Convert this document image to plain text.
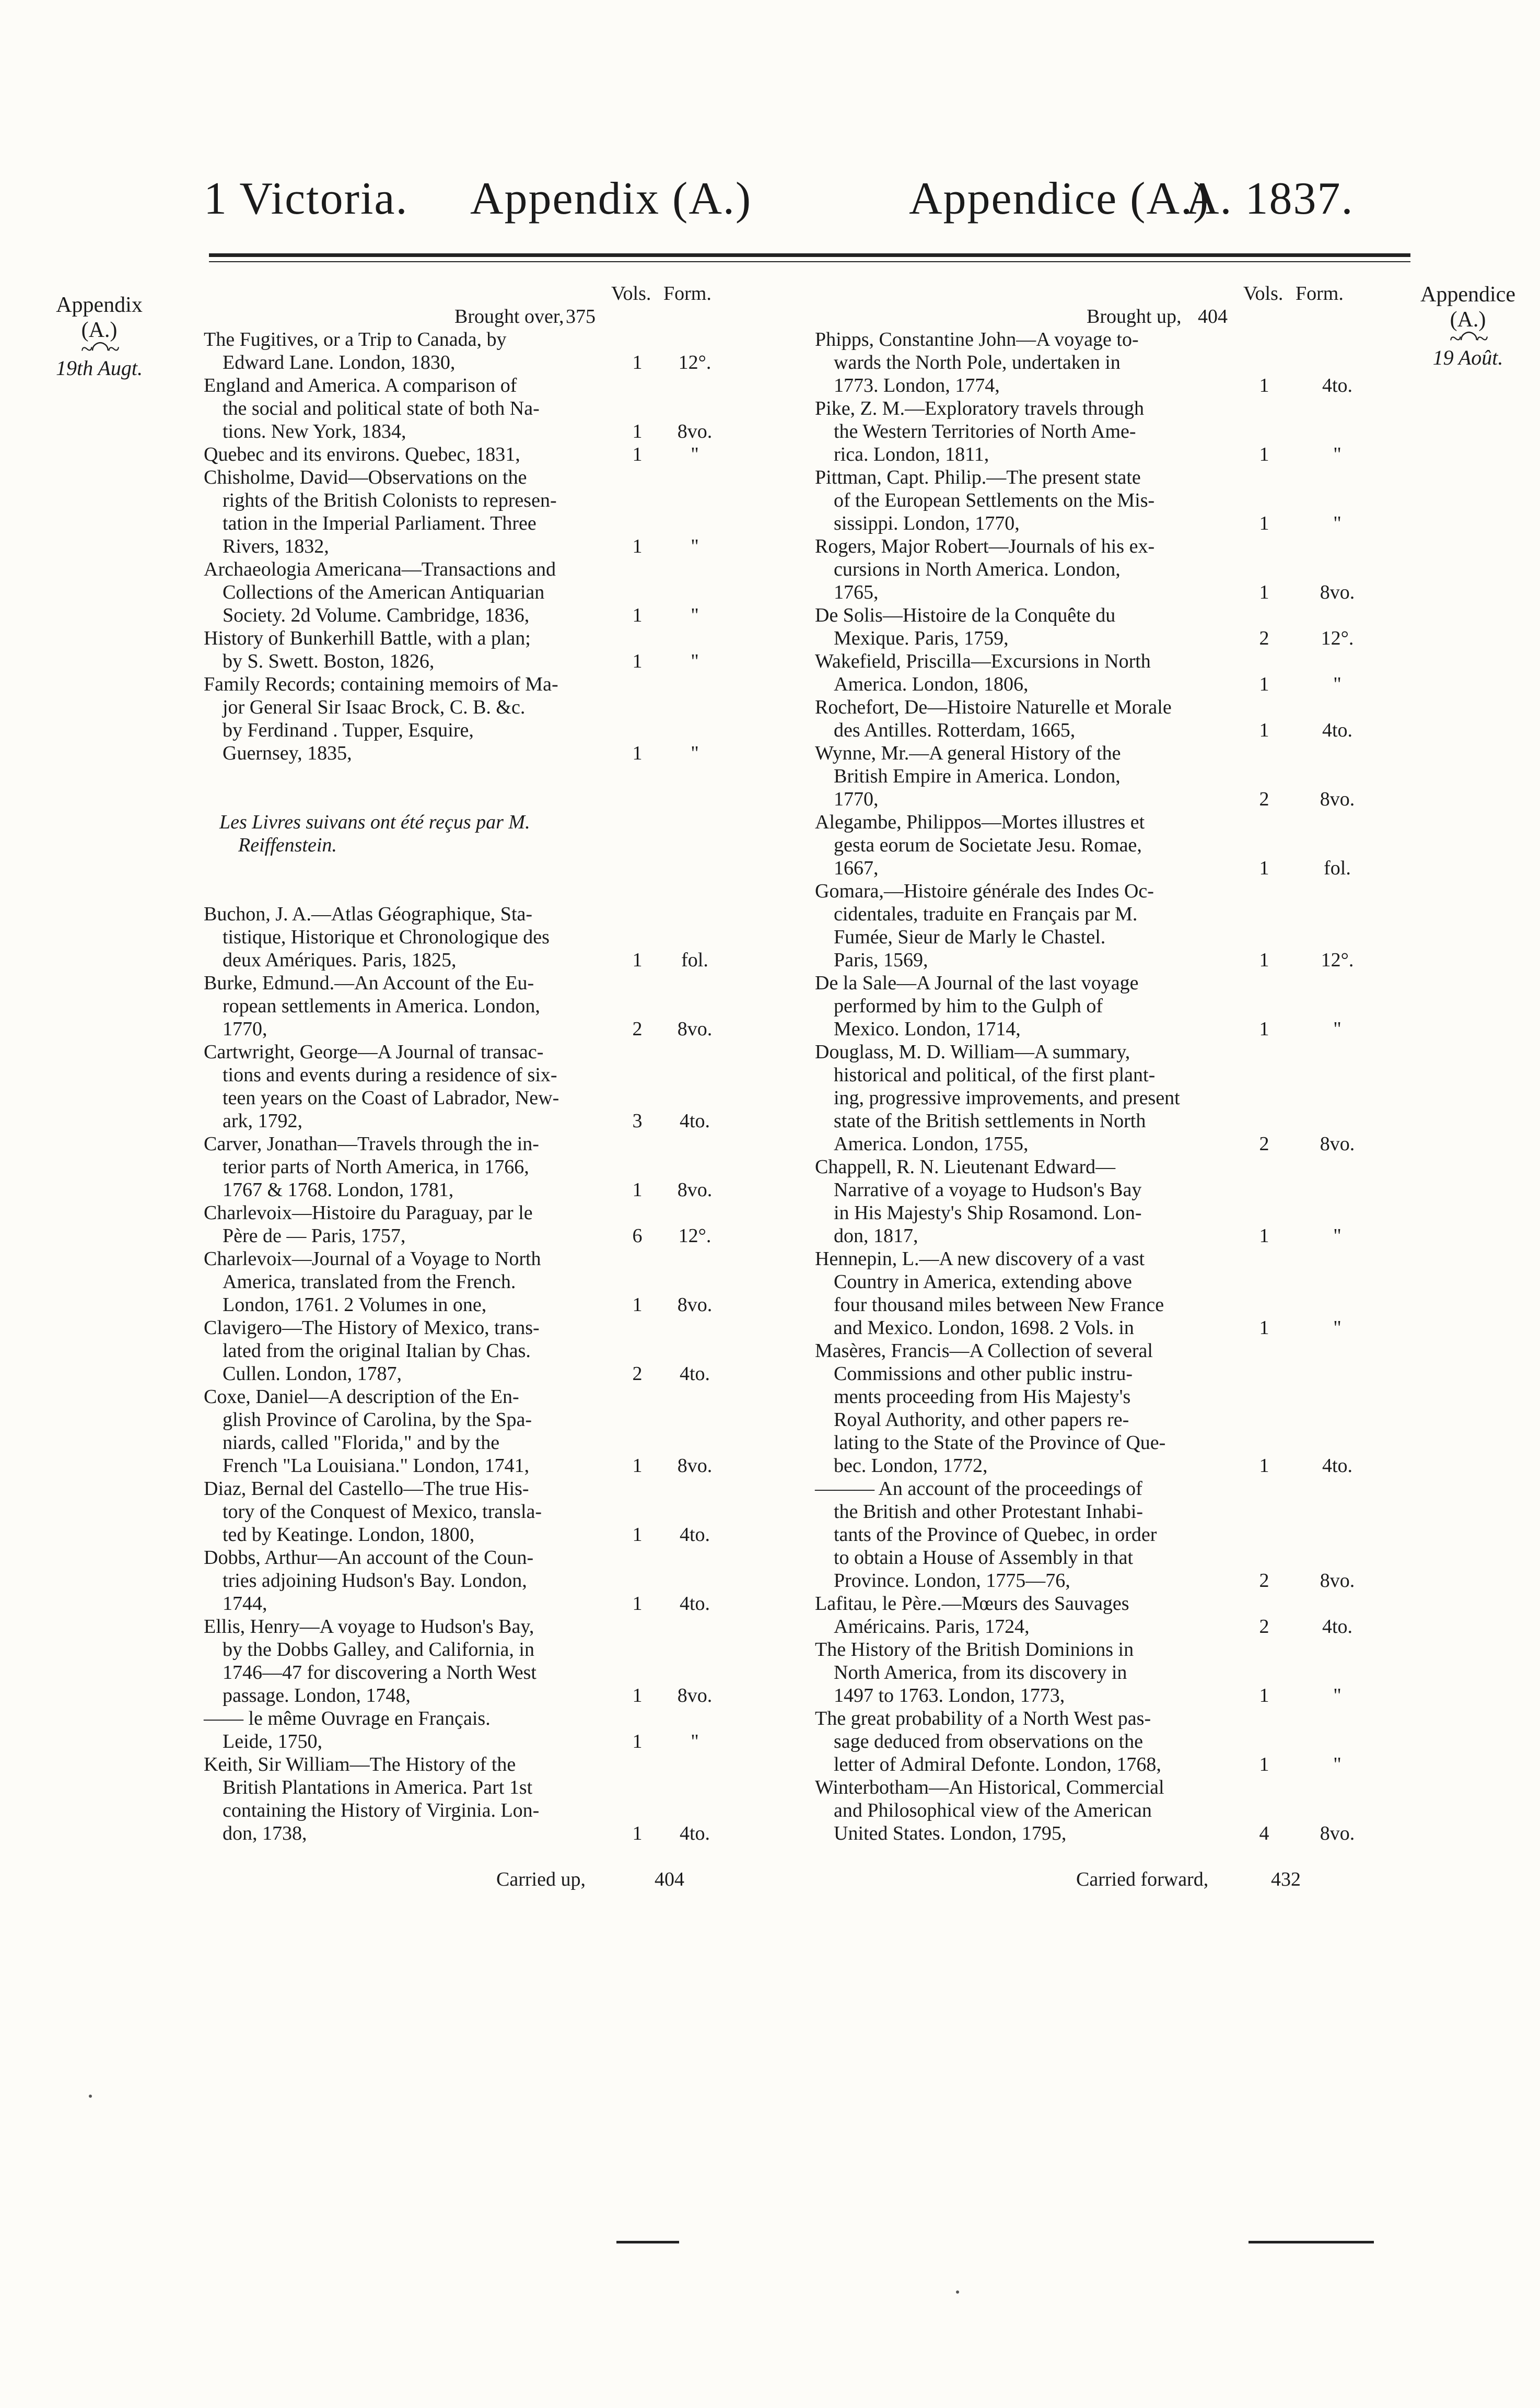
1 Victoria. Appendix (A.)	Appendice (A.)
A. 1837.
Appendix
(A.)
~◠~
19th Augt.
Appendice
(A.)
~◠~
19 Août.
Vols. Form.
Brought over, 375
The Fugitives, or a Trip to Canada, by
Edward Lane. London, 1830,	1	12°.
England and America. A comparison of
the social and political state of both Na-
tions. New York, 1834,	1	8vo.
Quebec and its environs. Quebec, 1831,	1	"
Chisholme, David—Observations on the
rights of the British Colonists to represen-
tation in the Imperial Parliament. Three
Rivers, 1832,	1	"
Archaeologia Americana—Transactions and
Collections of the American Antiquarian
Society. 2d Volume. Cambridge, 1836,	1	"
History of Bunkerhill Battle, with a plan;
by S. Swett. Boston, 1826,	1	"
Family Records; containing memoirs of Ma-
jor General Sir Isaac Brock, C. B. &c.
by Ferdinand . Tupper, Esquire,
Guernsey, 1835,	1	"
Les Livres suivans ont été reçus par M.
Reiffenstein.
Buchon, J. A.—Atlas Géographique, Sta-
tistique, Historique et Chronologique des
deux Amériques. Paris, 1825,	1	fol.
Burke, Edmund.—An Account of the Eu-
ropean settlements in America. London,
1770,	2	8vo.
Cartwright, George—A Journal of transac-
tions and events during a residence of six-
teen years on the Coast of Labrador, New-
ark, 1792,	3	4to.
Carver, Jonathan—Travels through the in-
terior parts of North America, in 1766,
1767 & 1768. London, 1781,	1	8vo.
Charlevoix—Histoire du Paraguay, par le
Père de — Paris, 1757,	6	12°.
Charlevoix—Journal of a Voyage to North
America, translated from the French.
London, 1761. 2 Volumes in one,	1	8vo.
Clavigero—The History of Mexico, trans-
lated from the original Italian by Chas.
Cullen. London, 1787,	2	4to.
Coxe, Daniel—A description of the En-
glish Province of Carolina, by the Spa-
niards, called "Florida," and by the
French "La Louisiana." London, 1741,	1	8vo.
Diaz, Bernal del Castello—The true His-
tory of the Conquest of Mexico, transla-
ted by Keatinge. London, 1800,	1	4to.
Dobbs, Arthur—An account of the Coun-
tries adjoining Hudson's Bay. London,
1744,	1	4to.
Ellis, Henry—A voyage to Hudson's Bay,
by the Dobbs Galley, and California, in
1746—47 for discovering a North West
passage. London, 1748,	1	8vo.
—— le même Ouvrage en Français.
Leide, 1750,	1	"
Keith, Sir William—The History of the
British Plantations in America. Part 1st
containing the History of Virginia. Lon-
don, 1738,	1	4to.
Carried up,	404
Vols. Form.
Brought up, 404
Phipps, Constantine John—A voyage to-
wards the North Pole, undertaken in
1773. London, 1774,	1	4to.
Pike, Z. M.—Exploratory travels through
the Western Territories of North Ame-
rica. London, 1811,	1	"
Pittman, Capt. Philip.—The present state
of the European Settlements on the Mis-
sissippi. London, 1770,	1	"
Rogers, Major Robert—Journals of his ex-
cursions in North America. London,
1765,	1	8vo.
De Solis—Histoire de la Conquête du
Mexique. Paris, 1759,	2	12°.
Wakefield, Priscilla—Excursions in North
America. London, 1806,	1	"
Rochefort, De—Histoire Naturelle et Morale
des Antilles. Rotterdam, 1665,	1	4to.
Wynne, Mr.—A general History of the
British Empire in America. London,
1770,	2	8vo.
Alegambe, Philippos—Mortes illustres et
gesta eorum de Societate Jesu. Romae,
1667,	1	fol.
Gomara,—Histoire générale des Indes Oc-
cidentales, traduite en Français par M.
Fumée, Sieur de Marly le Chastel.
Paris, 1569,	1	12°.
De la Sale—A Journal of the last voyage
performed by him to the Gulph of
Mexico. London, 1714,	1	"
Douglass, M. D. William—A summary,
historical and political, of the first plant-
ing, progressive improvements, and present
state of the British settlements in North
America. London, 1755,	2	8vo.
Chappell, R. N. Lieutenant Edward—
Narrative of a voyage to Hudson's Bay
in His Majesty's Ship Rosamond. Lon-
don, 1817,	1	"
Hennepin, L.—A new discovery of a vast
Country in America, extending above
four thousand miles between New France
and Mexico. London, 1698. 2 Vols. in	1	"
Masères, Francis—A Collection of several
Commissions and other public instru-
ments proceeding from His Majesty's
Royal Authority, and other papers re-
lating to the State of the Province of Que-
bec. London, 1772,	1	4to.
——— An account of the proceedings of
the British and other Protestant Inhabi-
tants of the Province of Quebec, in order
to obtain a House of Assembly in that
Province. London, 1775—76,	2	8vo.
Lafitau, le Père.—Mœurs des Sauvages
Américains. Paris, 1724,	2	4to.
The History of the British Dominions in
North America, from its discovery in
1497 to 1763. London, 1773,	1	"
The great probability of a North West pas-
sage deduced from observations on the
letter of Admiral Defonte. London, 1768,	1	"
Winterbotham—An Historical, Commercial
and Philosophical view of the American
United States. London, 1795,	4	8vo.
Carried forward,	432
